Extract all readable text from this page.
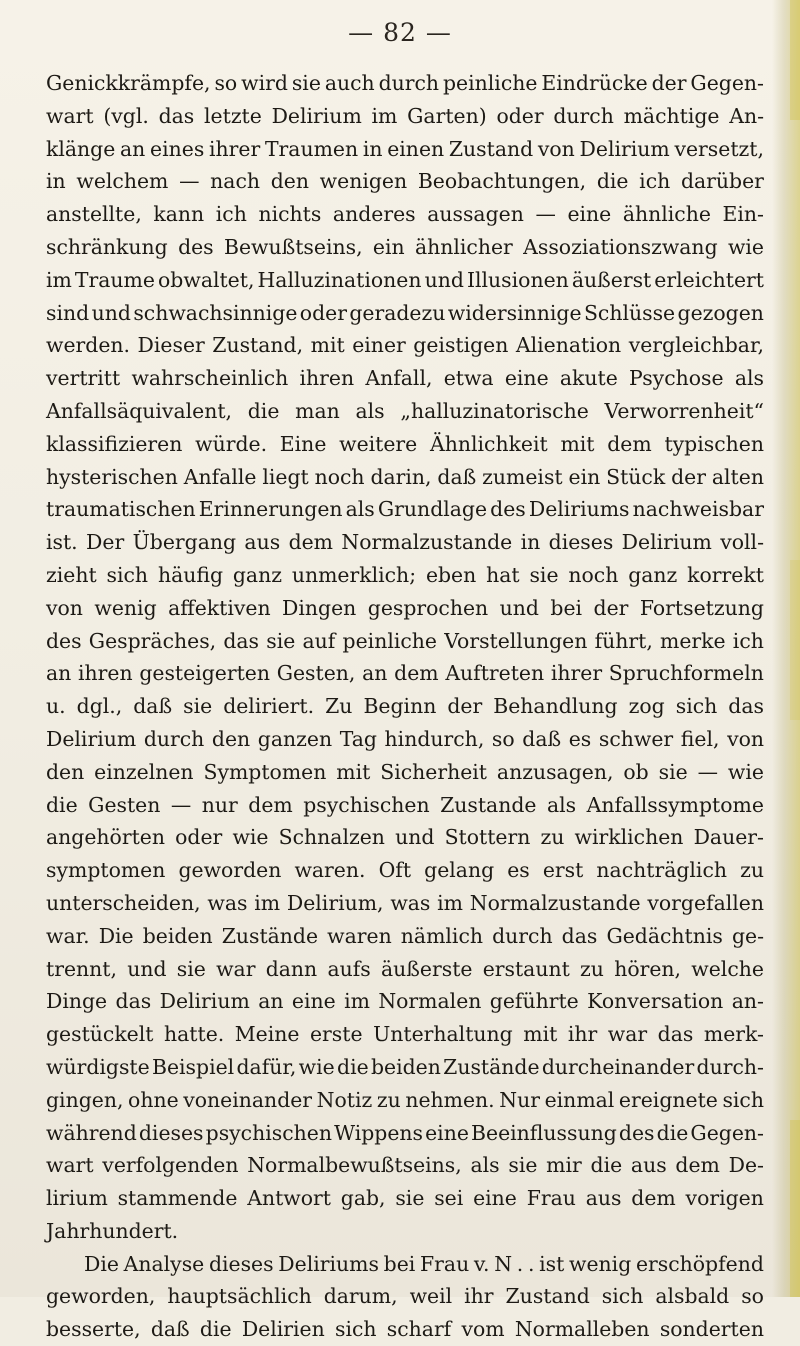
— 82 —
Genickkrämpfe, so wird sie auch durch peinliche Eindrücke der Gegen-
wart (vgl. das letzte Delirium im Garten) oder durch mächtige An-
klänge an eines ihrer Traumen in einen Zustand von Delirium versetzt,
in welchem — nach den wenigen Beobachtungen, die ich darüber
anstellte, kann ich nichts anderes aussagen — eine ähnliche Ein-
schränkung des Bewußtseins, ein ähnlicher Assoziationszwang wie
im Traume obwaltet, Halluzinationen und Illusionen äußerst erleichtert
sind und schwachsinnige oder geradezu widersinnige Schlüsse gezogen
werden. Dieser Zustand, mit einer geistigen Alienation vergleichbar,
vertritt wahrscheinlich ihren Anfall, etwa eine akute Psychose als
Anfallsäquivalent, die man als „halluzinatorische Verworrenheit“
klassifizieren würde. Eine weitere Ähnlichkeit mit dem typischen
hysterischen Anfalle liegt noch darin, daß zumeist ein Stück der alten
traumatischen Erinnerungen als Grundlage des Deliriums nachweisbar
ist. Der Übergang aus dem Normalzustande in dieses Delirium voll-
zieht sich häufig ganz unmerklich; eben hat sie noch ganz korrekt
von wenig affektiven Dingen gesprochen und bei der Fortsetzung
des Gespräches, das sie auf peinliche Vorstellungen führt, merke ich
an ihren gesteigerten Gesten, an dem Auftreten ihrer Spruchformeln
u. dgl., daß sie deliriert. Zu Beginn der Behandlung zog sich das
Delirium durch den ganzen Tag hindurch, so daß es schwer fiel, von
den einzelnen Symptomen mit Sicherheit anzusagen, ob sie — wie
die Gesten — nur dem psychischen Zustande als Anfallssymptome
angehörten oder wie Schnalzen und Stottern zu wirklichen Dauer-
symptomen geworden waren. Oft gelang es erst nachträglich zu
unterscheiden, was im Delirium, was im Normalzustande vorgefallen
war. Die beiden Zustände waren nämlich durch das Gedächtnis ge-
trennt, und sie war dann aufs äußerste erstaunt zu hören, welche
Dinge das Delirium an eine im Normalen geführte Konversation an-
gestückelt hatte. Meine erste Unterhaltung mit ihr war das merk-
würdigste Beispiel dafür, wie die beiden Zustände durcheinander durch-
gingen, ohne voneinander Notiz zu nehmen. Nur einmal ereignete sich
während dieses psychischen Wippens eine Beeinflussung des die Gegen-
wart verfolgenden Normalbewußtseins, als sie mir die aus dem De-
lirium stammende Antwort gab, sie sei eine Frau aus dem vorigen
Jahrhundert.
Die Analyse dieses Deliriums bei Frau v. N . . ist wenig erschöpfend
geworden, hauptsächlich darum, weil ihr Zustand sich alsbald so
besserte, daß die Delirien sich scharf vom Normalleben sonderten
